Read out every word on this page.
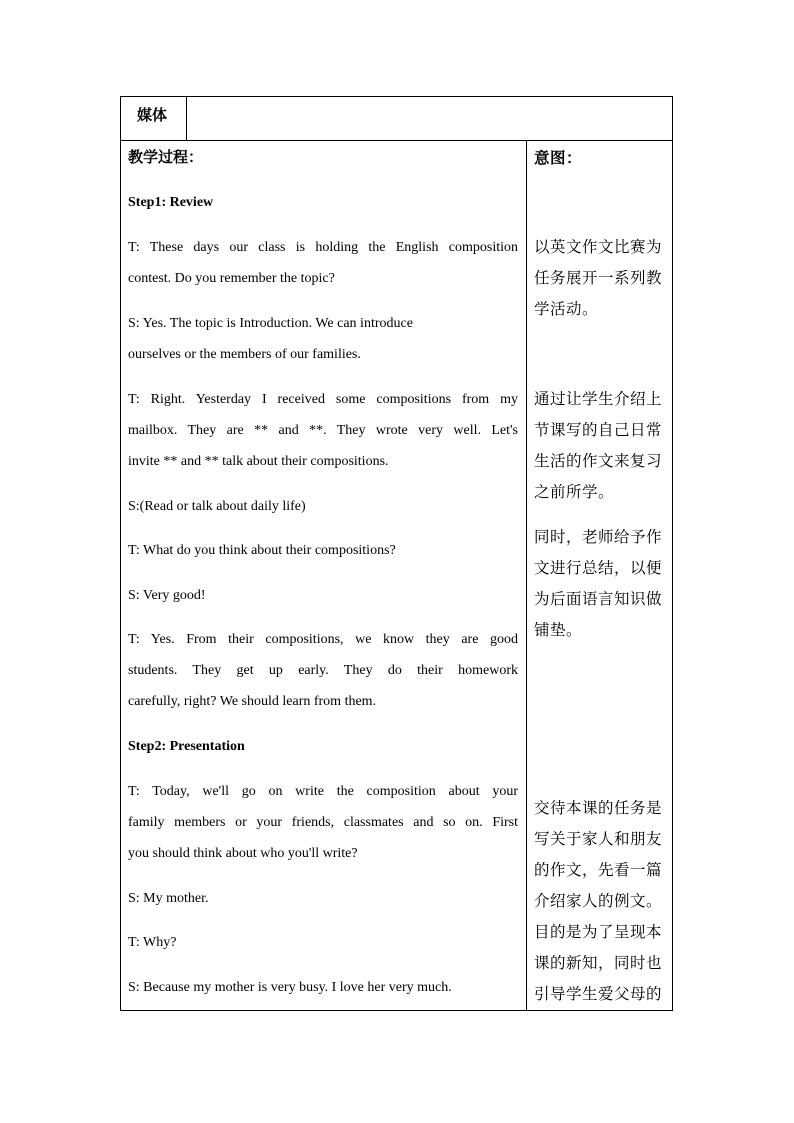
媒体
教学过程：
Step1: Review
T: These days our class is holding the English composition
contest. Do you remember the topic?
S: Yes. The topic is Introduction. We can introduce
ourselves or the members of our families.
T: Right. Yesterday I received some compositions from my
mailbox. They are ** and **. They wrote very well. Let's
invite ** and ** talk about their compositions.
S:(Read or talk about daily life)
T: What do you think about their compositions?
S: Very good!
T: Yes. From their compositions, we know they are good
students. They get up early. They do their homework
carefully, right? We should learn from them.
Step2: Presentation
T: Today, we'll go on write the composition about your
family members or your friends, classmates and so on. First
you should think about who you'll write?
S: My mother.
T: Why?
S: Because my mother is very busy. I love her very much.
意图：
以英文作文比赛为
任务展开一系列教
学活动。
通过让学生介绍上
节课写的自己日常
生活的作文来复习
之前所学。
同时，老师给予作
文进行总结，以便
为后面语言知识做
铺垫。
交待本课的任务是
写关于家人和朋友
的作文，先看一篇
介绍家人的例文。
目的是为了呈现本
课的新知，同时也
引导学生爱父母的
